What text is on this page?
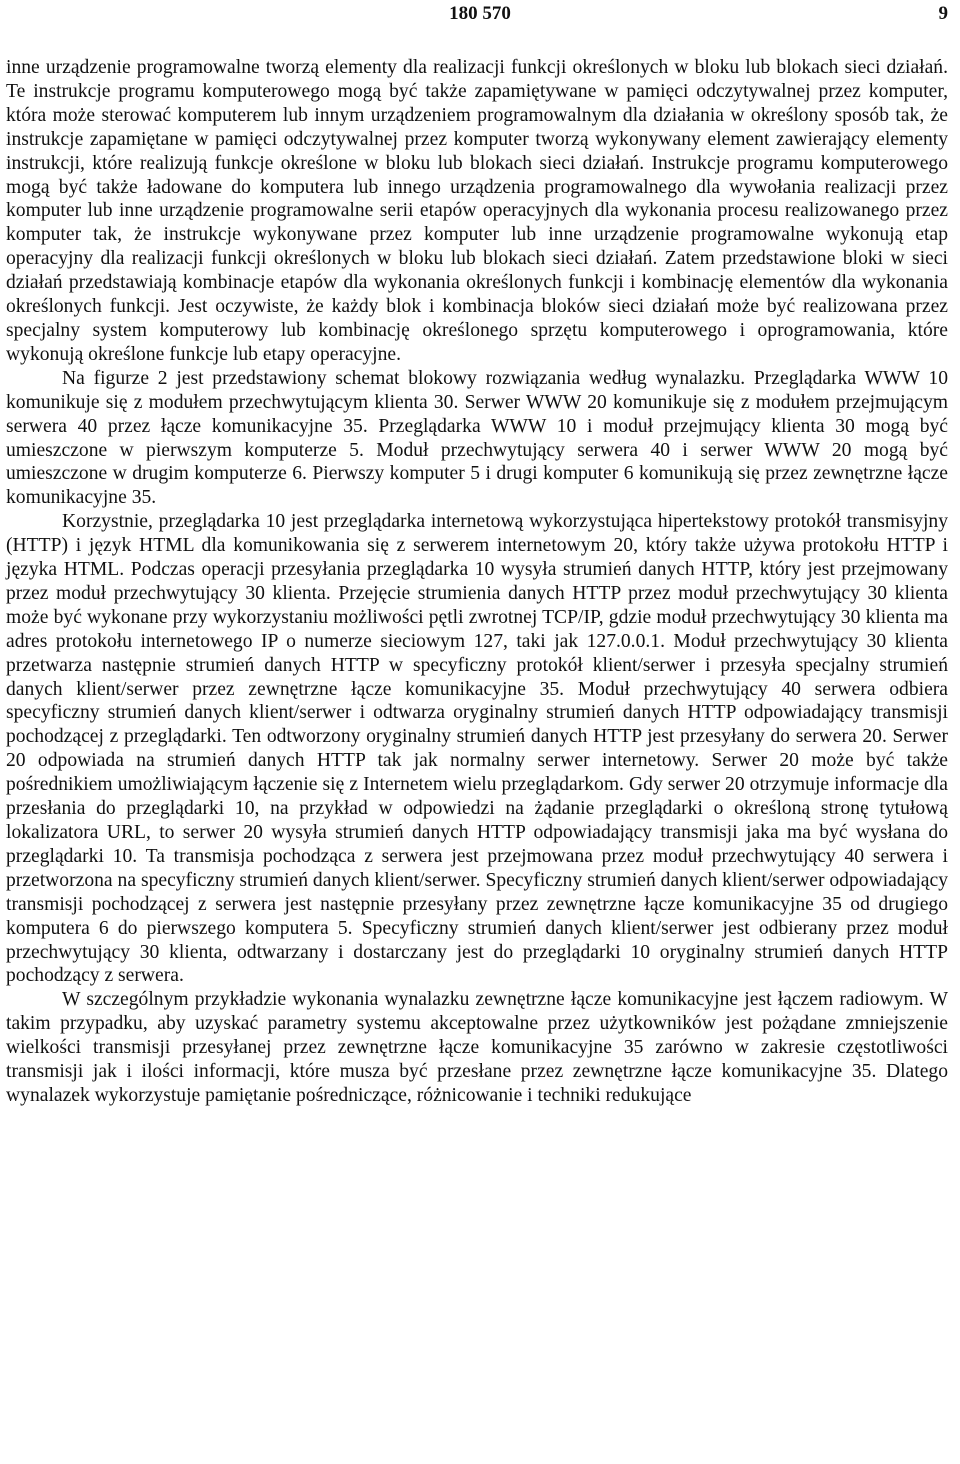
180 570	9

inne urządzenie programowalne tworzą elementy dla realizacji funkcji określonych w bloku lub blokach sieci działań. Te instrukcje programu komputerowego mogą być także zapamiętywane w pamięci odczytywalnej przez komputer, która może sterować komputerem lub innym urządzeniem programowalnym dla działania w określony sposób tak, że instrukcje zapamiętane w pamięci odczytywalnej przez komputer tworzą wykonywany element zawierający elementy instrukcji, które realizują funkcje określone w bloku lub blokach sieci działań. Instrukcje programu komputerowego mogą być także ładowane do komputera lub innego urządzenia programowalnego dla wywołania realizacji przez komputer lub inne urządzenie programowalne serii etapów operacyjnych dla wykonania procesu realizowanego przez komputer tak, że instrukcje wykonywane przez komputer lub inne urządzenie programowalne wykonują etap operacyjny dla realizacji funkcji określonych w bloku lub blokach sieci działań. Zatem przedstawione bloki w sieci działań przedstawiają kombinacje etapów dla wykonania określonych funkcji i kombinację elementów dla wykonania określonych funkcji. Jest oczywiste, że każdy blok i kombinacja bloków sieci działań może być realizowana przez specjalny system komputerowy lub kombinację określonego sprzętu komputerowego i oprogramowania, które wykonują określone funkcje lub etapy operacyjne.

Na figurze 2 jest przedstawiony schemat blokowy rozwiązania według wynalazku. Przeglądarka WWW 10 komunikuje się z modułem przechwytującym klienta 30. Serwer WWW 20 komunikuje się z modułem przejmującym serwera 40 przez łącze komunikacyjne 35. Przeglądarka WWW 10 i moduł przejmujący klienta 30 mogą być umieszczone w pierwszym komputerze 5. Moduł przechwytujący serwera 40 i serwer WWW 20 mogą być umieszczone w drugim komputerze 6. Pierwszy komputer 5 i drugi komputer 6 komunikują się przez zewnętrzne łącze komunikacyjne 35.

Korzystnie, przeglądarka 10 jest przeglądarka internetową wykorzystująca hipertekstowy protokół transmisyjny (HTTP) i język HTML dla komunikowania się z serwerem internetowym 20, który także używa protokołu HTTP i języka HTML. Podczas operacji przesyłania przeglądarka 10 wysyła strumień danych HTTP, który jest przejmowany przez moduł przechwytujący 30 klienta. Przejęcie strumienia danych HTTP przez moduł przechwytujący 30 klienta może być wykonane przy wykorzystaniu możliwości pętli zwrotnej TCP/IP, gdzie moduł przechwytujący 30 klienta ma adres protokołu internetowego IP o numerze sieciowym 127, taki jak 127.0.0.1. Moduł przechwytujący 30 klienta przetwarza następnie strumień danych HTTP w specyficzny protokół klient/serwer i przesyła specjalny strumień danych klient/serwer przez zewnętrzne łącze komunikacyjne 35. Moduł przechwytujący 40 serwera odbiera specyficzny strumień danych klient/serwer i odtwarza oryginalny strumień danych HTTP odpowiadający transmisji pochodzącej z przeglądarki. Ten odtworzony oryginalny strumień danych HTTP jest przesyłany do serwera 20. Serwer 20 odpowiada na strumień danych HTTP tak jak normalny serwer internetowy. Serwer 20 może być także pośrednikiem umożliwiającym łączenie się z Internetem wielu przeglądarkom. Gdy serwer 20 otrzymuje informacje dla przesłania do przeglądarki 10, na przykład w odpowiedzi na żądanie przeglądarki o określoną stronę tytułową lokalizatora URL, to serwer 20 wysyła strumień danych HTTP odpowiadający transmisji jaka ma być wysłana do przeglądarki 10. Ta transmisja pochodząca z serwera jest przejmowana przez moduł przechwytujący 40 serwera i przetworzona na specyficzny strumień danych klient/serwer. Specyficzny strumień danych klient/serwer odpowiadający transmisji pochodzącej z serwera jest następnie przesyłany przez zewnętrzne łącze komunikacyjne 35 od drugiego komputera 6 do pierwszego komputera 5. Specyficzny strumień danych klient/serwer jest odbierany przez moduł przechwytujący 30 klienta, odtwarzany i dostarczany jest do przeglądarki 10 oryginalny strumień danych HTTP pochodzący z serwera.

W szczególnym przykładzie wykonania wynalazku zewnętrzne łącze komunikacyjne jest łączem radiowym. W takim przypadku, aby uzyskać parametry systemu akceptowalne przez użytkowników jest pożądane zmniejszenie wielkości transmisji przesyłanej przez zewnętrzne łącze komunikacyjne 35 zarówno w zakresie częstotliwości transmisji jak i ilości informacji, które musza być przesłane przez zewnętrzne łącze komunikacyjne 35. Dlatego wynalazek wykorzystuje pamiętanie pośredniczące, różnicowanie i techniki redukujące
